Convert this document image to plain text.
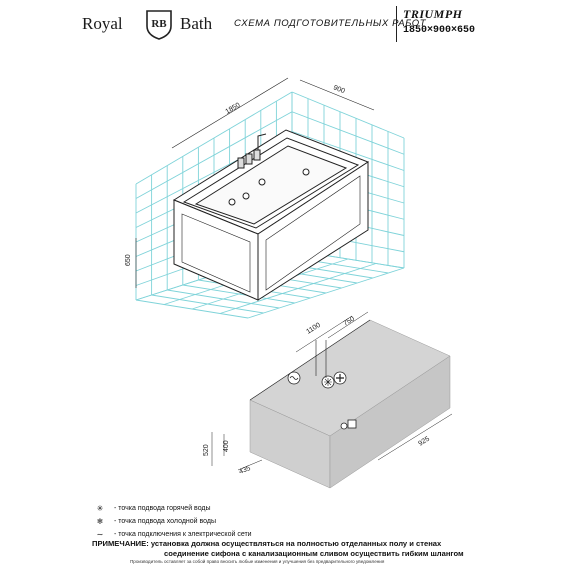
Royal	RB Bath СХЕМА ПОДГОТОВИТЕЛЬНЫХ РАБОТ
TRIUMPH
1850×900×650
1850
900
650
1100
750
925
520 400
435
✳	- точка подвода горячей воды
❄	- точка подвода холодной воды
∼	- точка подключения к электрической сети
ПРИМЕЧАНИЕ: установка должна осуществляться на полностью отделанных полу и стенах
соединение сифона с канализационным сливом осуществить гибким шлангом
Производитель оставляет за собой право вносить любые изменения и улучшения без предварительного уведомления
